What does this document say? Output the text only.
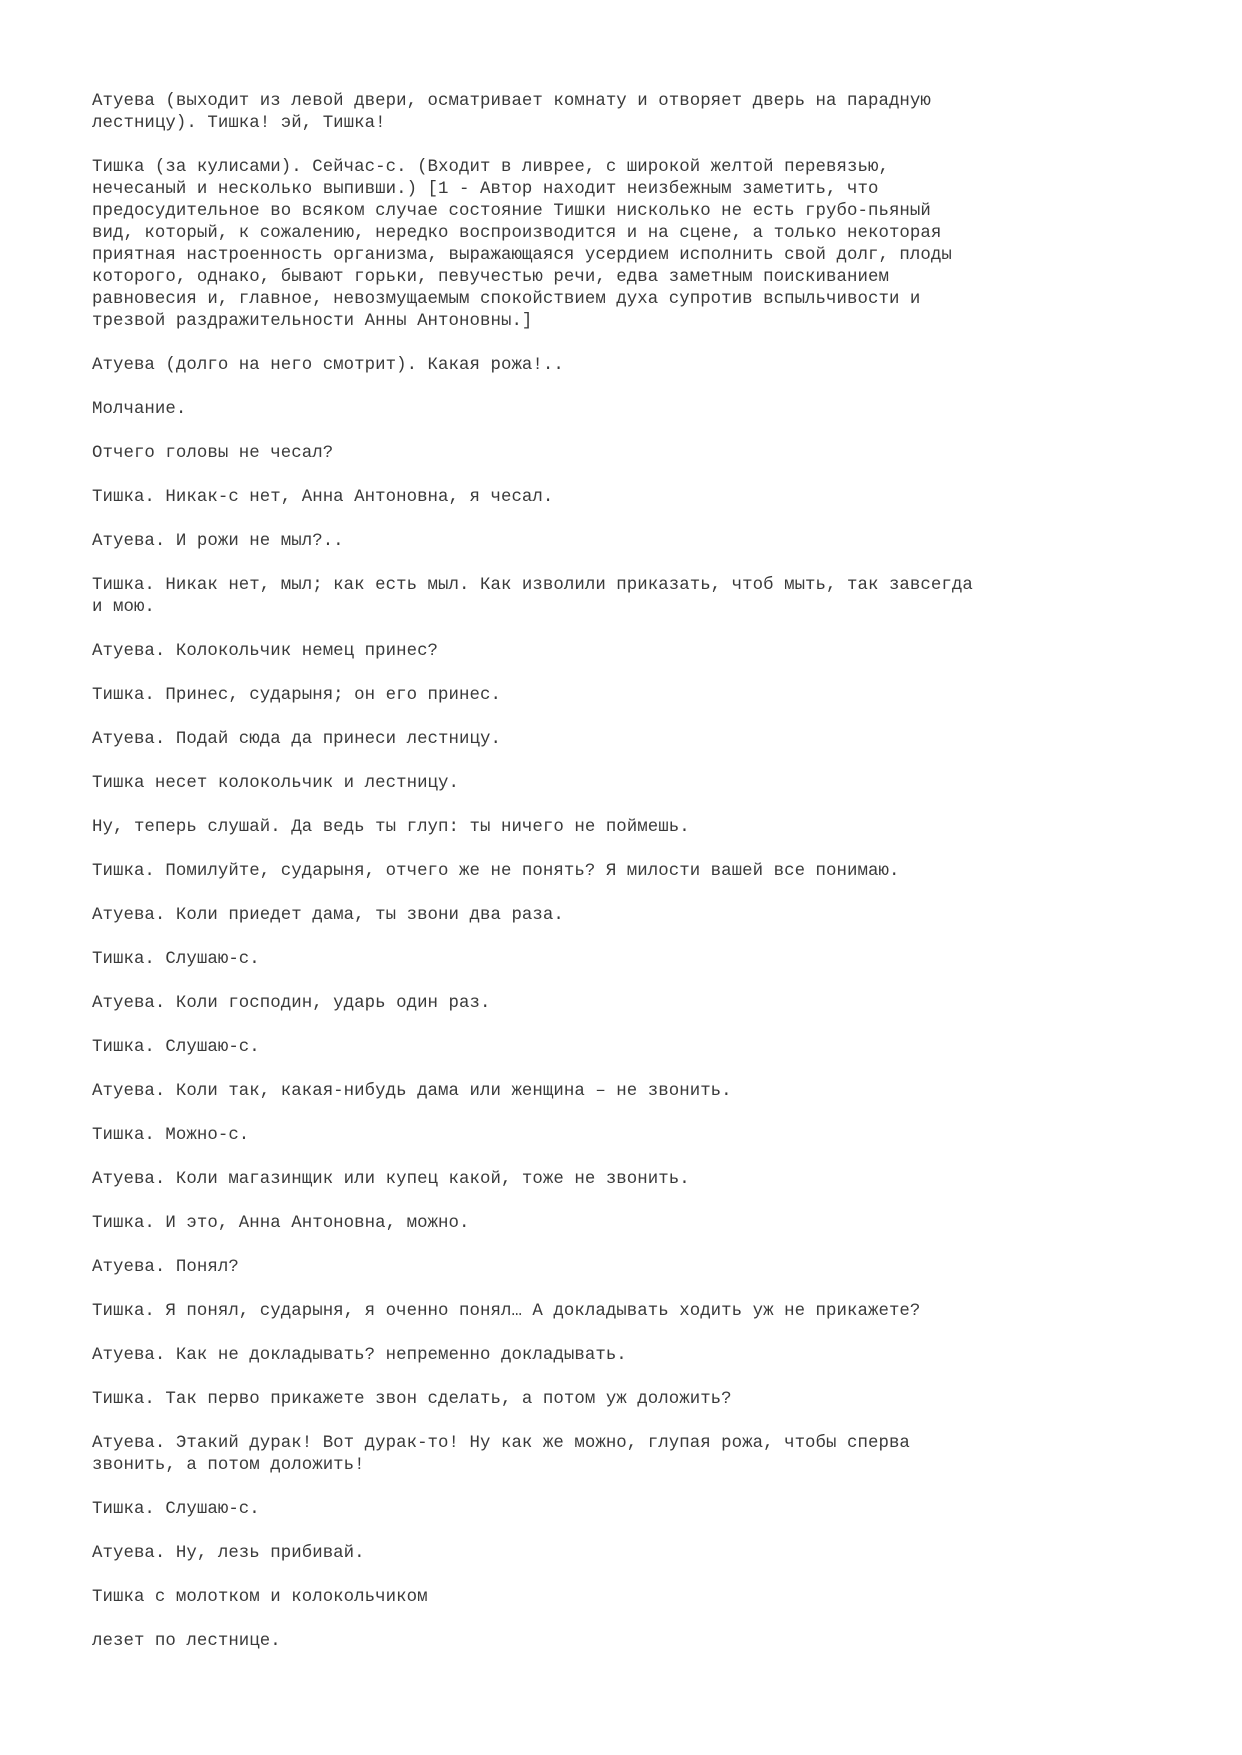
Атуева (выходит из левой двери, осматривает комнату и отворяет дверь на парадную
лестницу). Тишка! эй, Тишка!

Тишка (за кулисами). Сейчас-с. (Входит в ливрее, с широкой желтой перевязью,
нечесаный и несколько выпивши.) [1 - Автор находит неизбежным заметить, что
предосудительное во всяком случае состояние Тишки нисколько не есть грубо-пьяный
вид, который, к сожалению, нередко воспроизводится и на сцене, а только некоторая
приятная настроенность организма, выражающаяся усердием исполнить свой долг, плоды
которого, однако, бывают горьки, певучестью речи, едва заметным поискиванием
равновесия и, главное, невозмущаемым спокойствием духа супротив вспыльчивости и
трезвой раздражительности Анны Антоновны.]

Атуева (долго на него смотрит). Какая рожа!..

Молчание.

Отчего головы не чесал?

Тишка. Никак-с нет, Анна Антоновна, я чесал.

Атуева. И рожи не мыл?..

Тишка. Никак нет, мыл; как есть мыл. Как изволили приказать, чтоб мыть, так завсегда
и мою.

Атуева. Колокольчик немец принес?

Тишка. Принес, сударыня; он его принес.

Атуева. Подай сюда да принеси лестницу.

Тишка несет колокольчик и лестницу.

Ну, теперь слушай. Да ведь ты глуп: ты ничего не поймешь.

Тишка. Помилуйте, сударыня, отчего же не понять? Я милости вашей все понимаю.

Атуева. Коли приедет дама, ты звони два раза.

Тишка. Слушаю-с.

Атуева. Коли господин, ударь один раз.

Тишка. Слушаю-с.

Атуева. Коли так, какая-нибудь дама или женщина – не звонить.

Тишка. Можно-с.

Атуева. Коли магазинщик или купец какой, тоже не звонить.

Тишка. И это, Анна Антоновна, можно.

Атуева. Понял?

Тишка. Я понял, сударыня, я оченно понял… А докладывать ходить уж не прикажете?

Атуева. Как не докладывать? непременно докладывать.

Тишка. Так перво прикажете звон сделать, а потом уж доложить?

Атуева. Этакий дурак! Вот дурак-то! Ну как же можно, глупая рожа, чтобы сперва
звонить, а потом доложить!

Тишка. Слушаю-с.

Атуева. Ну, лезь прибивай.

Тишка с молотком и колокольчиком

лезет по лестнице.
